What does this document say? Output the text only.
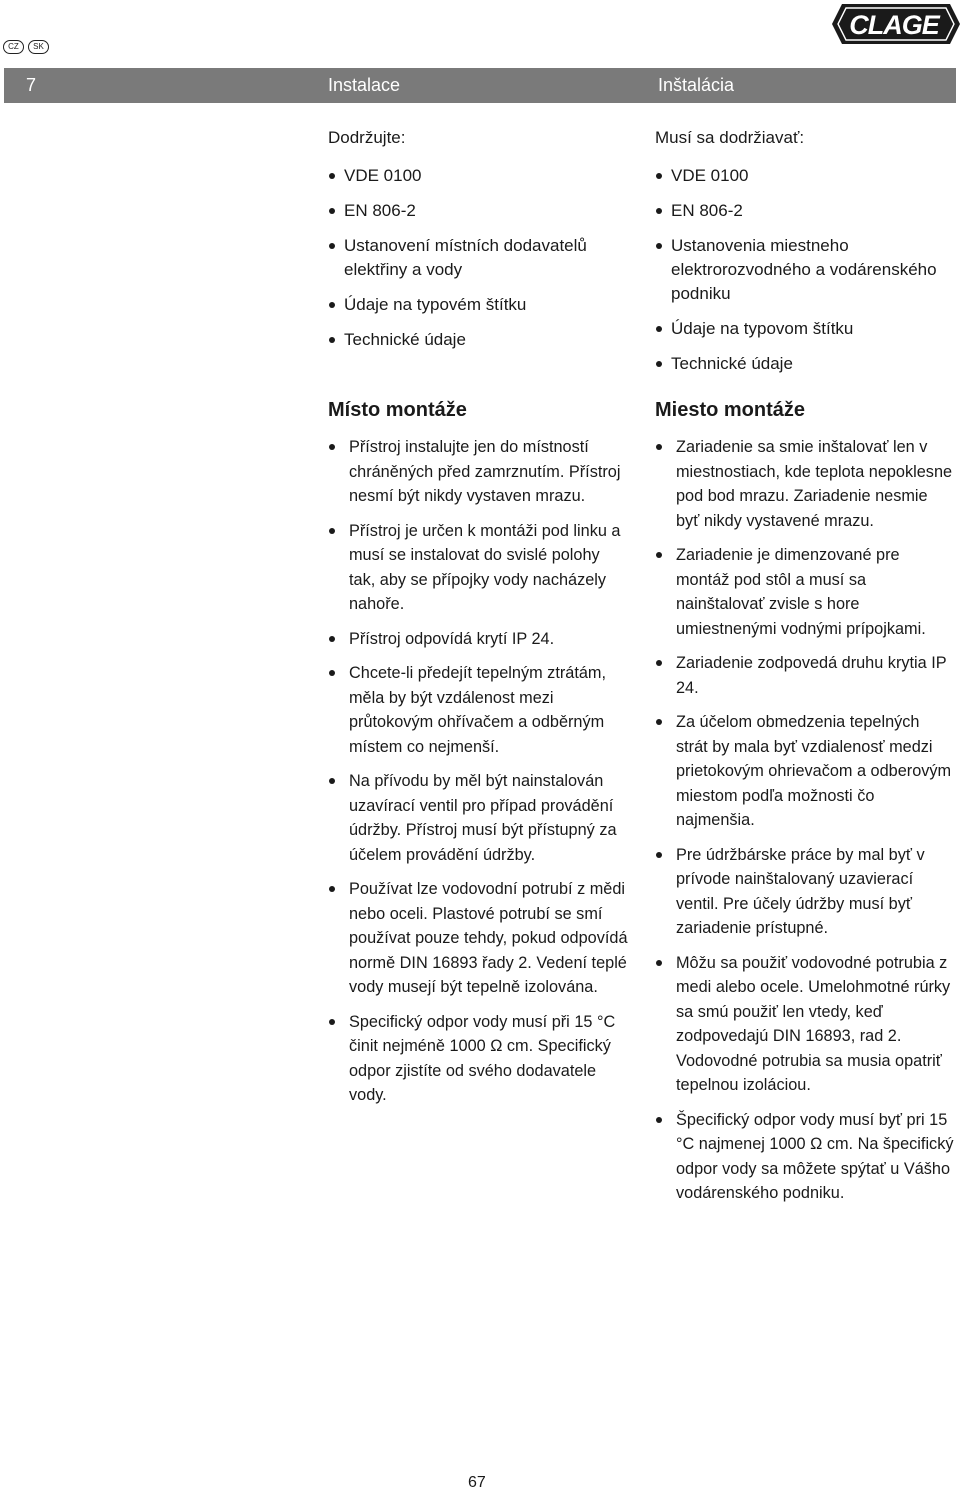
CZ	SK
CLAGE
7	Instalace	Inštalácia

Dodržujte:

VDE 0100
EN 806-2
Ustanovení místních dodavatelů elektřiny a vody
Údaje na typovém štítku
Technické údaje

Musí sa dodržiavať:

VDE 0100
EN 806-2
Ustanovenia miestneho elektrorozvodného a vodárenského podniku
Údaje na typovom štítku
Technické údaje
Místo montáže
Přístroj instalujte jen do místností chráněných před zamrznutím. Přístroj nesmí být nikdy vystaven mrazu.
Přístroj je určen k montáži pod linku a musí se instalovat do svislé polohy tak, aby se přípojky vody nacházely nahoře.
Přístroj odpovídá krytí IP 24.
Chcete-li předejít tepelným ztrátám, měla by být vzdálenost mezi průtokovým ohřívačem a odběrným místem co nejmenší.
Na přívodu by měl být nainstalován uzavírací ventil pro případ provádění údržby. Přístroj musí být přístupný za účelem provádění údržby.
Používat lze vodovodní potrubí z mědi nebo oceli. Plastové potrubí se smí používat pouze tehdy, pokud odpovídá normě DIN 16893 řady 2. Vedení teplé vody musejí být tepelně izolována.
Specifický odpor vody musí při 15 °C činit nejméně 1000 Ω cm. Specifický odpor zjistíte od svého dodavatele vody.
Miesto montáže
Zariadenie sa smie inštalovať len v miestnostiach, kde teplota nepoklesne pod bod mrazu. Zariadenie nesmie byť nikdy vystavené mrazu.
Zariadenie je dimenzované pre montáž pod stôl a musí sa nainštalovať zvisle s hore umiestnenými vodnými prípojkami.
Zariadenie zodpovedá druhu krytia IP 24.
Za účelom obmedzenia tepelných strát by mala byť vzdialenosť medzi prietokovým ohrievačom a odberovým miestom podľa možnosti čo najmenšia.
Pre údržbárske práce by mal byť v prívode nainštalovaný uzavierací ventil. Pre účely údržby musí byť zariadenie prístupné.
Môžu sa použiť vodovodné potrubia z medi alebo ocele. Umelohmotné rúrky sa smú použiť len vtedy, keď zodpovedajú DIN 16893, rad 2. Vodovodné potrubia sa musia opatriť tepelnou izoláciou.
Špecifický odpor vody musí byť pri 15 °C najmenej 1000 Ω cm. Na špecifický odpor vody sa môžete spýtať u Vášho vodárenského podniku.
67
